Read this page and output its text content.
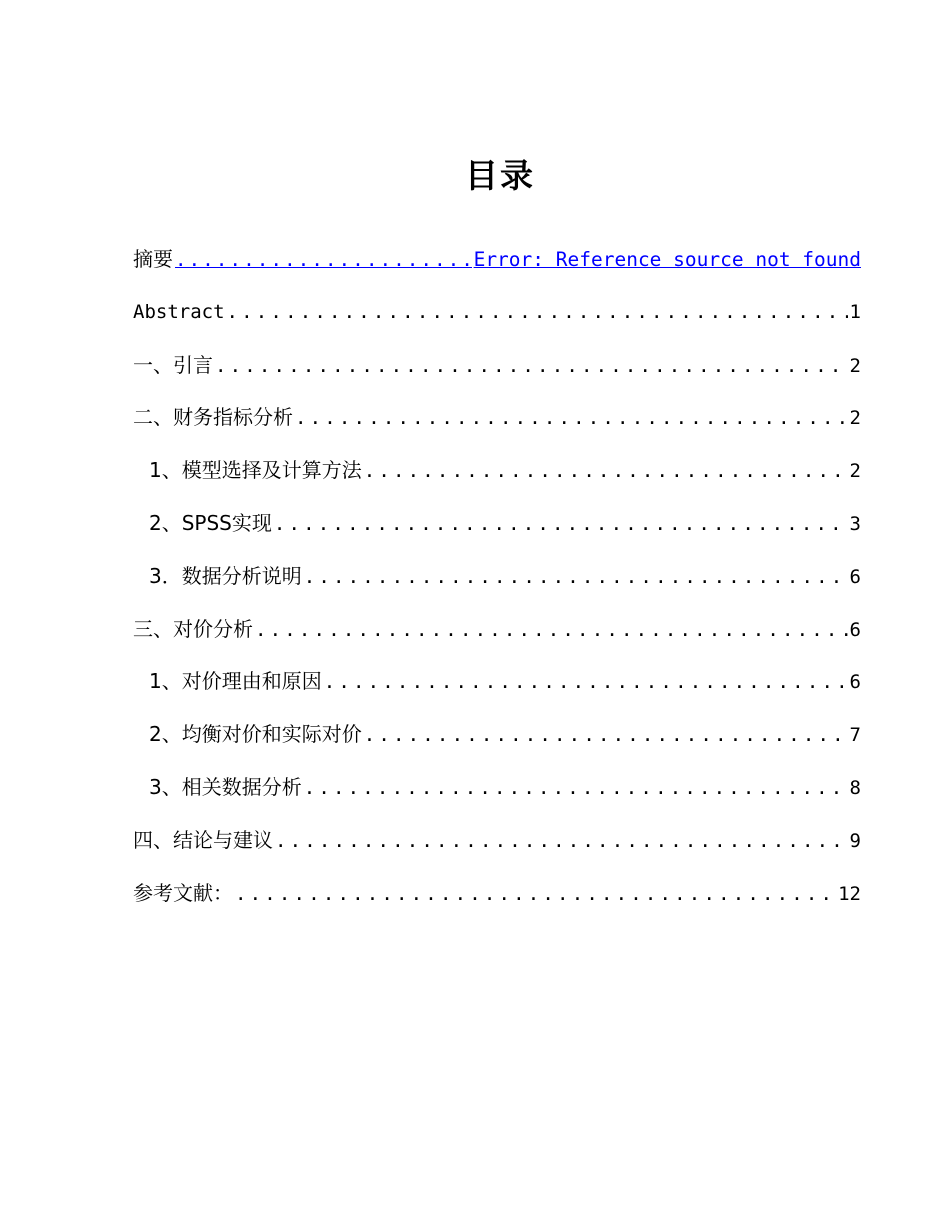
目录
摘要 .....	Error: Reference source not found
Abstract .....	1
一、引言 .....	2
二、财务指标分析 .....	2
1、模型选择及计算方法 .....	2
2、SPSS实现 .....	3
3．数据分析说明 .....	6
三、对价分析 .....	6
1、对价理由和原因 .....	6
2、均衡对价和实际对价 .....	7
3、相关数据分析 .....	8
四、结论与建议 .....	9
参考文献： .....	12
